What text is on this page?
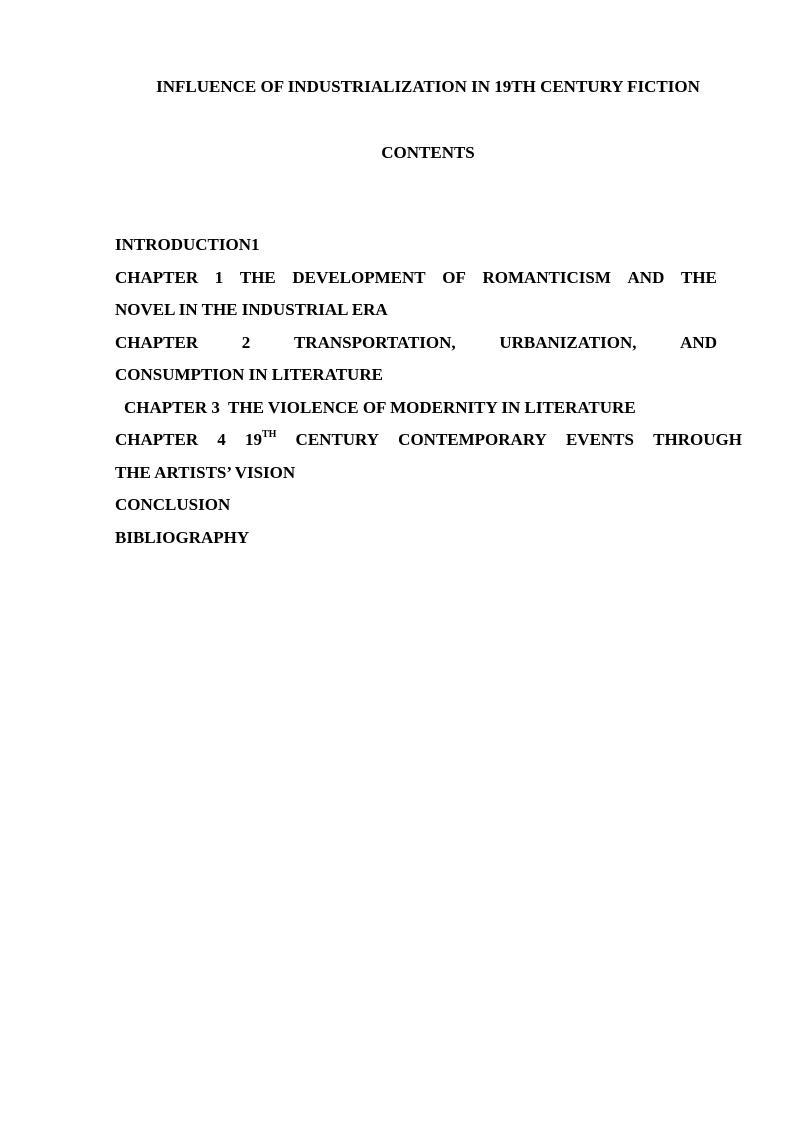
INFLUENCE OF INDUSTRIALIZATION IN 19TH CENTURY FICTION
CONTENTS

INTRODUCTION1

CHAPTER 1 THE DEVELOPMENT OF ROMANTICISM AND THE
NOVEL IN THE INDUSTRIAL ERA

CHAPTER	2	TRANSPORTATION,	URBANIZATION,	AND
CONSUMPTION IN LITERATURE

CHAPTER 3  THE VIOLENCE OF MODERNITY IN LITERATURE

CHAPTER 4 19TH CENTURY CONTEMPORARY EVENTS THROUGH
THE ARTISTS’ VISION

CONCLUSION

BIBLIOGRAPHY
